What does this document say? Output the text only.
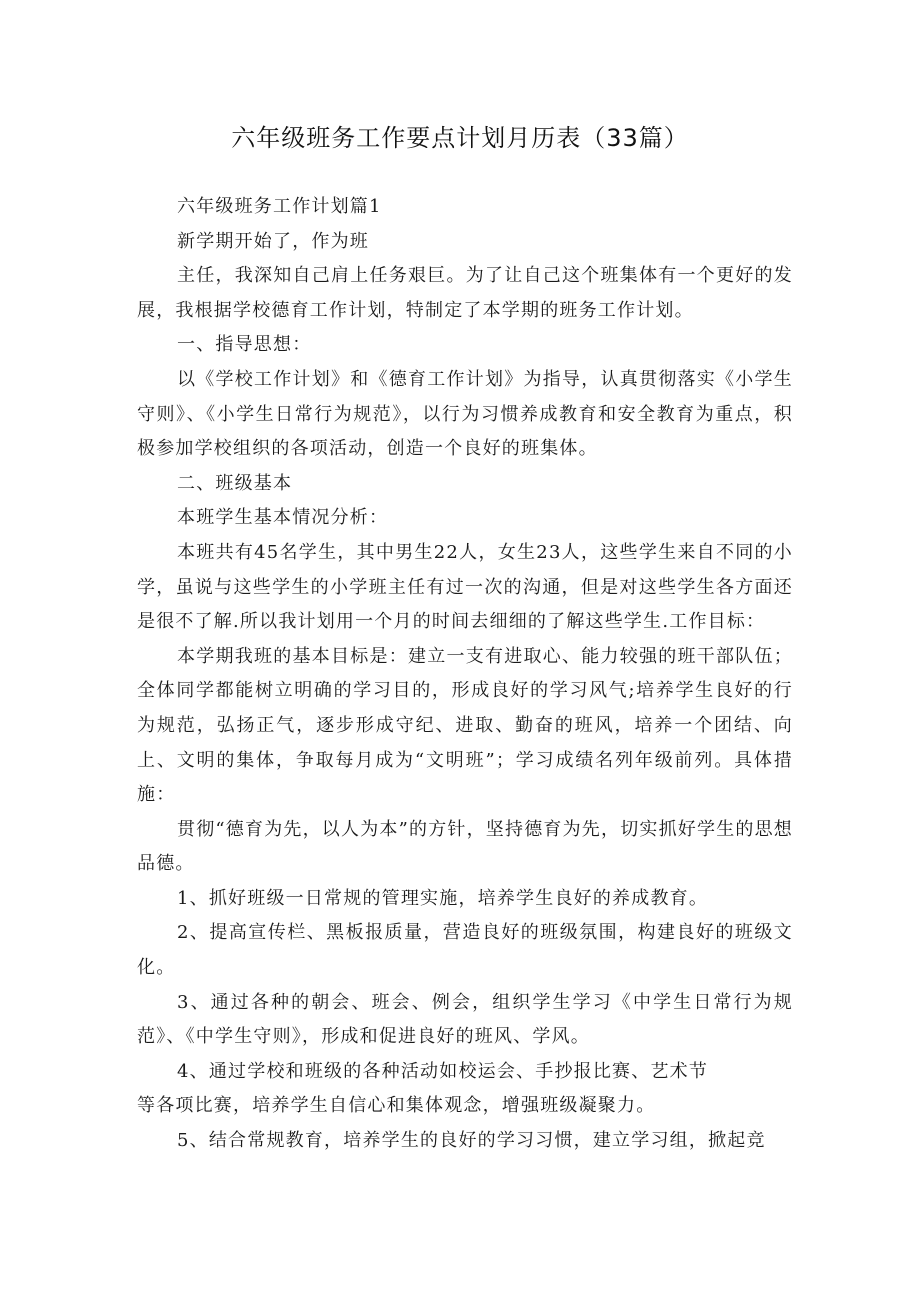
六年级班务工作要点计划月历表（33篇）

六年级班务工作计划篇1

新学期开始了，作为班

主任，我深知自己肩上任务艰巨。为了让自己这个班集体有一个更好的发展，我根据学校德育工作计划，特制定了本学期的班务工作计划。

一、指导思想：

以《学校工作计划》和《德育工作计划》为指导，认真贯彻落实《小学生守则》、《小学生日常行为规范》，以行为习惯养成教育和安全教育为重点，积极参加学校组织的各项活动，创造一个良好的班集体。

二、班级基本

本班学生基本情况分析：

本班共有45名学生，其中男生22人，女生23人，这些学生来自不同的小学，虽说与这些学生的小学班主任有过一次的沟通，但是对这些学生各方面还是很不了解.所以我计划用一个月的时间去细细的了解这些学生.工作目标：

本学期我班的基本目标是：建立一支有进取心、能力较强的班干部队伍；全体同学都能树立明确的学习目的，形成良好的学习风气;培养学生良好的行为规范，弘扬正气，逐步形成守纪、进取、勤奋的班风，培养一个团结、向上、文明的集体，争取每月成为“文明班”；学习成绩名列年级前列。具体措施：

贯彻“德育为先，以人为本”的方针，坚持德育为先，切实抓好学生的思想品德。

1、抓好班级一日常规的管理实施，培养学生良好的养成教育。

2、提高宣传栏、黑板报质量，营造良好的班级氛围，构建良好的班级文化。

3、通过各种的朝会、班会、例会，组织学生学习《中学生日常行为规范》、《中学生守则》，形成和促进良好的班风、学风。

4、通过学校和班级的各种活动如校运会、手抄报比赛、艺术节

等各项比赛，培养学生自信心和集体观念，增强班级凝聚力。

5、结合常规教育，培养学生的良好的学习习惯，建立学习组，掀起竞
